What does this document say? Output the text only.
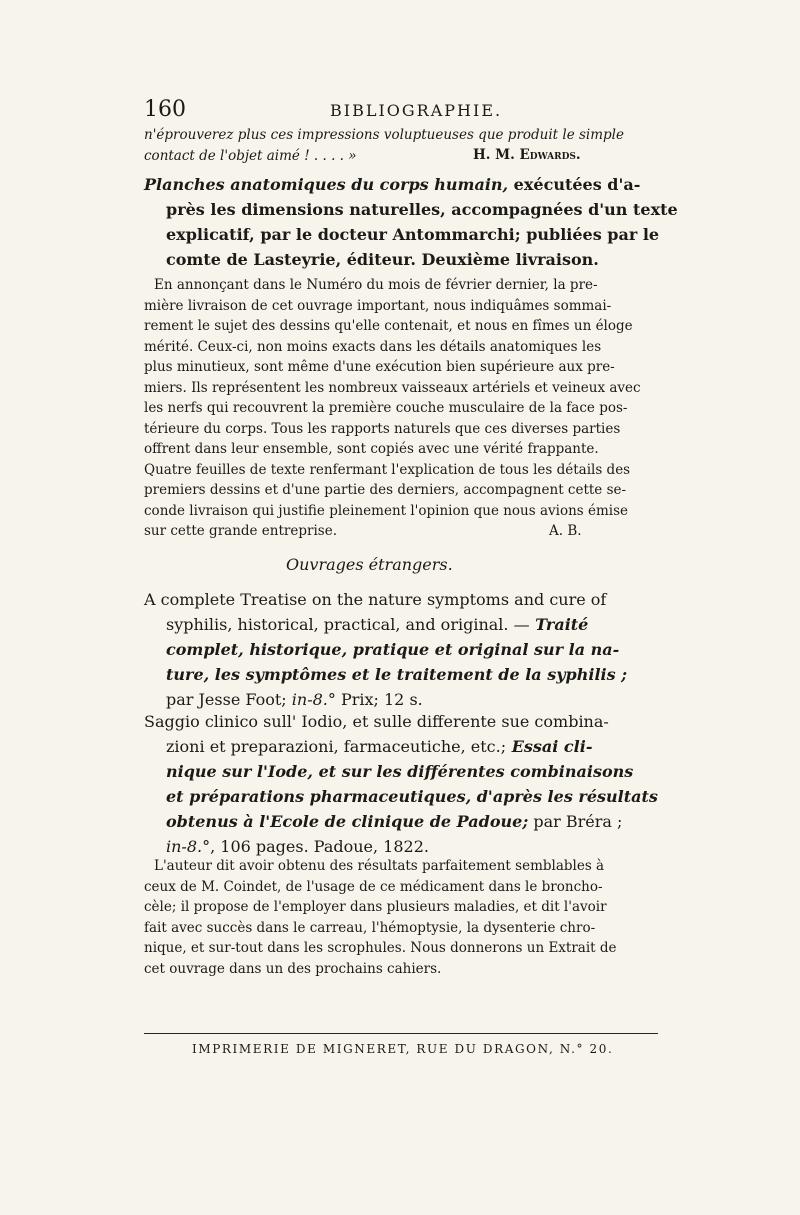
160	BIBLIOGRAPHIE.
n'éprouverez plus ces impressions voluptueuses que produit le simple
contact de l'objet aimé ! . . . . »	H. M. Edwards.
Planches anatomiques du corps humain, exécutées d'a-
près les dimensions naturelles, accompagnées d'un texte
explicatif, par le docteur Antommarchi; publiées par le
comte de Lasteyrie, éditeur. Deuxième livraison.
En annonçant dans le Numéro du mois de février dernier, la pre-
mière livraison de cet ouvrage important, nous indiquâmes sommai-
rement le sujet des dessins qu'elle contenait, et nous en fîmes un éloge
mérité. Ceux-ci, non moins exacts dans les détails anatomiques les
plus minutieux, sont même d'une exécution bien supérieure aux pre-
miers. Ils représentent les nombreux vaisseaux artériels et veineux avec
les nerfs qui recouvrent la première couche musculaire de la face pos-
térieure du corps. Tous les rapports naturels que ces diverses parties
offrent dans leur ensemble, sont copiés avec une vérité frappante.
Quatre feuilles de texte renfermant l'explication de tous les détails des
premiers dessins et d'une partie des derniers, accompagnent cette se-
conde livraison qui justifie pleinement l'opinion que nous avions émise
sur cette grande entreprise.	A. B.
Ouvrages étrangers.
A complete Treatise on the nature symptoms and cure of
syphilis, historical, practical, and original. — Traité
complet, historique, pratique et original sur la na-
ture, les symptômes et le traitement de la syphilis ;
par Jesse Foot; in-8.° Prix; 12 s.
Saggio clinico sull' Iodio, et sulle differente sue combina-
zioni et preparazioni, farmaceutiche, etc.; Essai cli-
nique sur l'Iode, et sur les différentes combinaisons
et préparations pharmaceutiques, d'après les résultats
obtenus à l'Ecole de clinique de Padoue; par Bréra ;
in-8.°, 106 pages. Padoue, 1822.
L'auteur dit avoir obtenu des résultats parfaitement semblables à
ceux de M. Coindet, de l'usage de ce médicament dans le broncho-
cèle; il propose de l'employer dans plusieurs maladies, et dit l'avoir
fait avec succès dans le carreau, l'hémoptysie, la dysenterie chro-
nique, et sur-tout dans les scrophules. Nous donnerons un Extrait de
cet ouvrage dans un des prochains cahiers.
IMPRIMERIE DE MIGNERET, RUE DU DRAGON, N.° 20.
